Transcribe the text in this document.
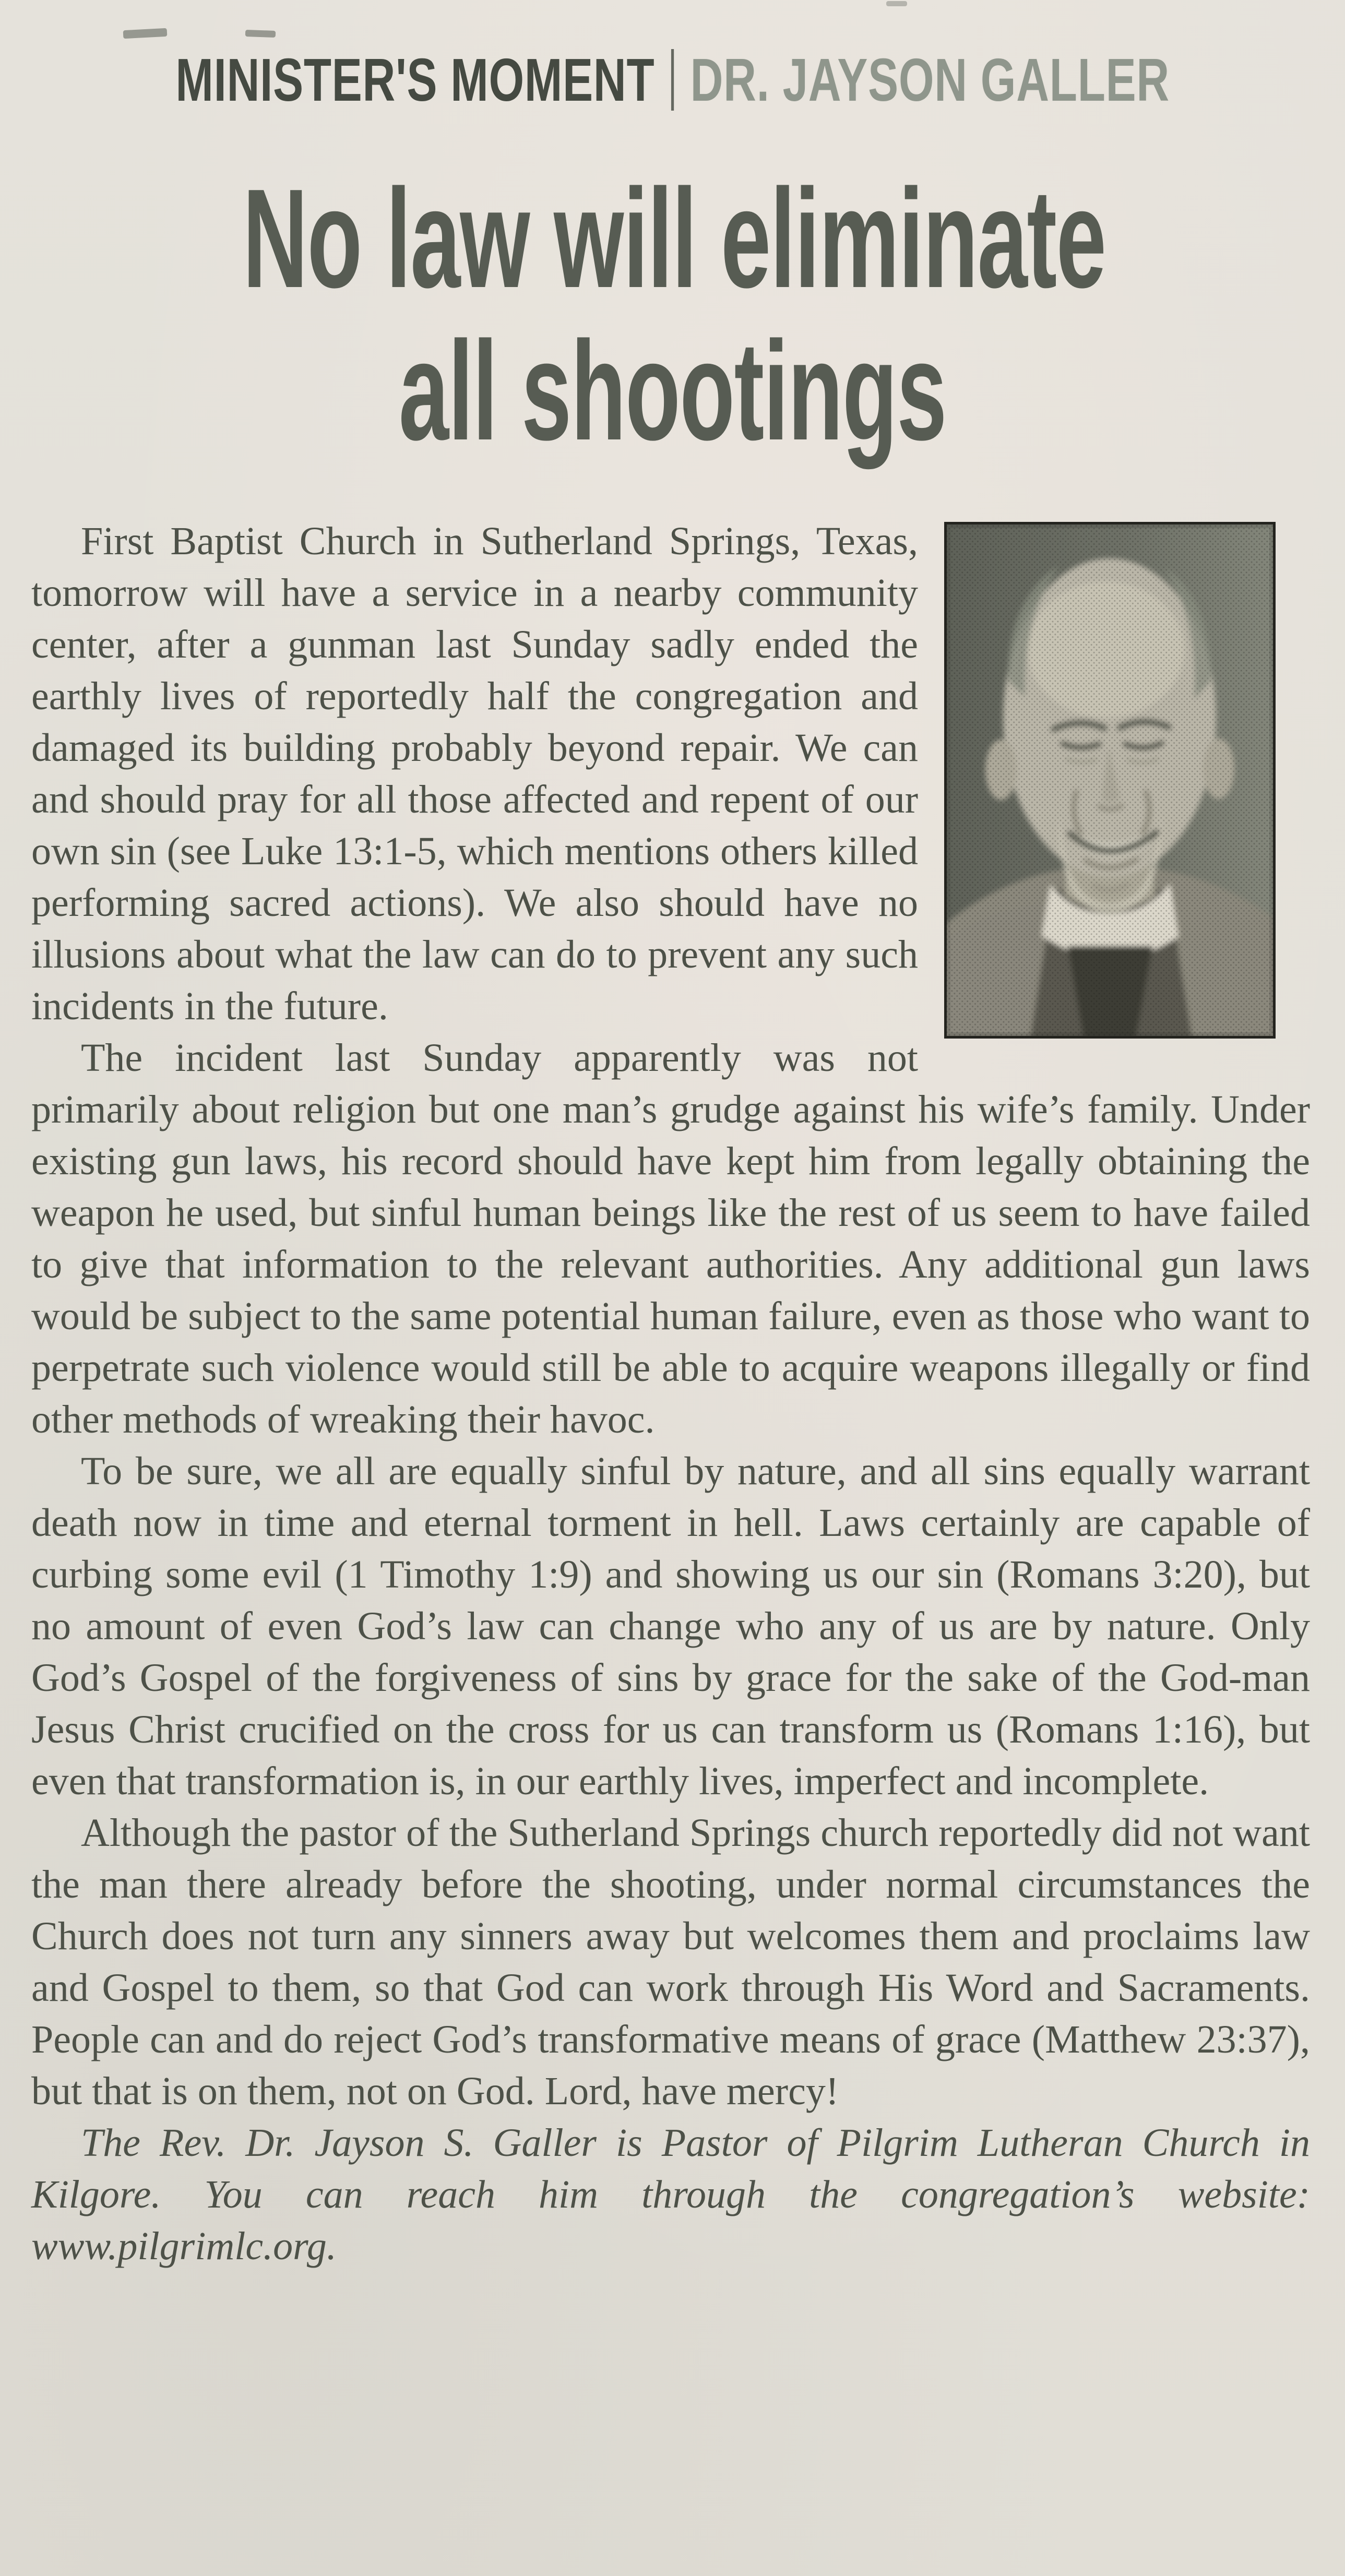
MINISTER'S MOMENT DR. JAYSON GALLER
No law will eliminate
all shootings

First Baptist Church in Sutherland Springs, Texas, tomorrow will have a service in a nearby community center, after a gunman last Sunday sadly ended the earthly lives of reportedly half the congregation and damaged its building probably beyond repair. We can and should pray for all those affected and repent of our own sin (see Luke 13:1-5, which mentions others killed performing sacred actions). We also should have no illusions about what the law can do to prevent any such incidents in the future.

The incident last Sunday apparently was not primarily about religion but one man’s grudge against his wife’s family. Under existing gun laws, his record should have kept him from legally obtaining the weapon he used, but sinful human beings like the rest of us seem to have failed to give that information to the relevant authorities. Any additional gun laws would be subject to the same potential human failure, even as those who want to perpetrate such violence would still be able to acquire weapons illegally or find other methods of wreaking their havoc.

To be sure, we all are equally sinful by nature, and all sins equally warrant death now in time and eternal torment in hell. Laws certainly are capable of curbing some evil (1 Timothy 1:9) and showing us our sin (Romans 3:20), but no amount of even God’s law can change who any of us are by nature. Only God’s Gospel of the forgiveness of sins by grace for the sake of the God-man Jesus Christ crucified on the cross for us can transform us (Romans 1:16), but even that transformation is, in our earthly lives, imperfect and incomplete.

Although the pastor of the Sutherland Springs church reportedly did not want the man there already before the shooting, under normal circumstances the Church does not turn any sinners away but welcomes them and proclaims law and Gospel to them, so that God can work through His Word and Sacraments. People can and do reject God’s transformative means of grace (Matthew 23:37), but that is on them, not on God. Lord, have mercy!

The Rev. Dr. Jayson S. Galler is Pastor of Pilgrim Lutheran Church in Kilgore. You can reach him through the congregation’s website: www.pilgrimlc.org.
